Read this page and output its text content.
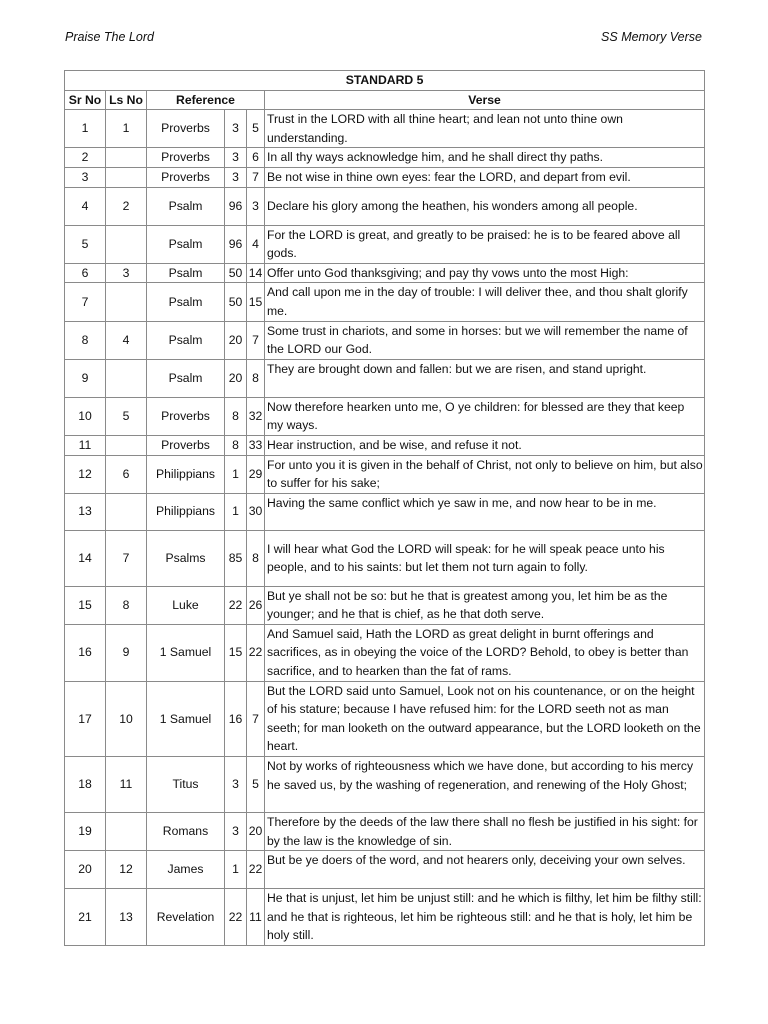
Praise The Lord	SS Memory Verse
STANDARD 5					
Sr No	Ls No	Reference			Verse
1	1	Proverbs	3	5	Trust in the LORD with all thine heart; and lean not unto thine own understanding.
2		Proverbs	3	6	In all thy ways acknowledge him, and he shall direct thy paths.
3		Proverbs	3	7	Be not wise in thine own eyes: fear the LORD, and depart from evil.
4	2	Psalm	96	3	Declare his glory among the heathen, his wonders among all people.
5		Psalm	96	4	For the LORD is great, and greatly to be praised: he is to be feared above all gods.
6	3	Psalm	50	14	Offer unto God thanksgiving; and pay thy vows unto the most High:
7		Psalm	50	15	And call upon me in the day of trouble: I will deliver thee, and thou shalt glorify me.
8	4	Psalm	20	7	Some trust in chariots, and some in horses: but we will remember the name of the LORD our God.
9		Psalm	20	8	They are brought down and fallen: but we are risen, and stand upright.
10	5	Proverbs	8	32	Now therefore hearken unto me, O ye children: for blessed are they that keep my ways.
11		Proverbs	8	33	Hear instruction, and be wise, and refuse it not.
12	6	Philippians	1	29	For unto you it is given in the behalf of Christ, not only to believe on him, but also to suffer for his sake;
13		Philippians	1	30	Having the same conflict which ye saw in me, and now hear to be in me.
14	7	Psalms	85	8	I will hear what God the LORD will speak: for he will speak peace unto his people, and to his saints: but let them not turn again to folly.
15	8	Luke	22	26	But ye shall not be so: but he that is greatest among you, let him be as the younger; and he that is chief, as he that doth serve.
16	9	1 Samuel	15	22	And Samuel said, Hath the LORD as great delight in burnt offerings and sacrifices, as in obeying the voice of the LORD? Behold, to obey is better than sacrifice, and to hearken than the fat of rams.
17	10	1 Samuel	16	7	But the LORD said unto Samuel, Look not on his countenance, or on the height of his stature; because I have refused him: for the LORD seeth not as man seeth; for man looketh on the outward appearance, but the LORD looketh on the heart.
18	11	Titus	3	5	Not by works of righteousness which we have done, but according to his mercy he saved us, by the washing of regeneration, and renewing of the Holy Ghost;
19		Romans	3	20	Therefore by the deeds of the law there shall no flesh be justified in his sight: for by the law is the knowledge of sin.
20	12	James	1	22	But be ye doers of the word, and not hearers only, deceiving your own selves.
21	13	Revelation	22	11	He that is unjust, let him be unjust still: and he which is filthy, let him be filthy still: and he that is righteous, let him be righteous still: and he that is holy, let him be holy still.
